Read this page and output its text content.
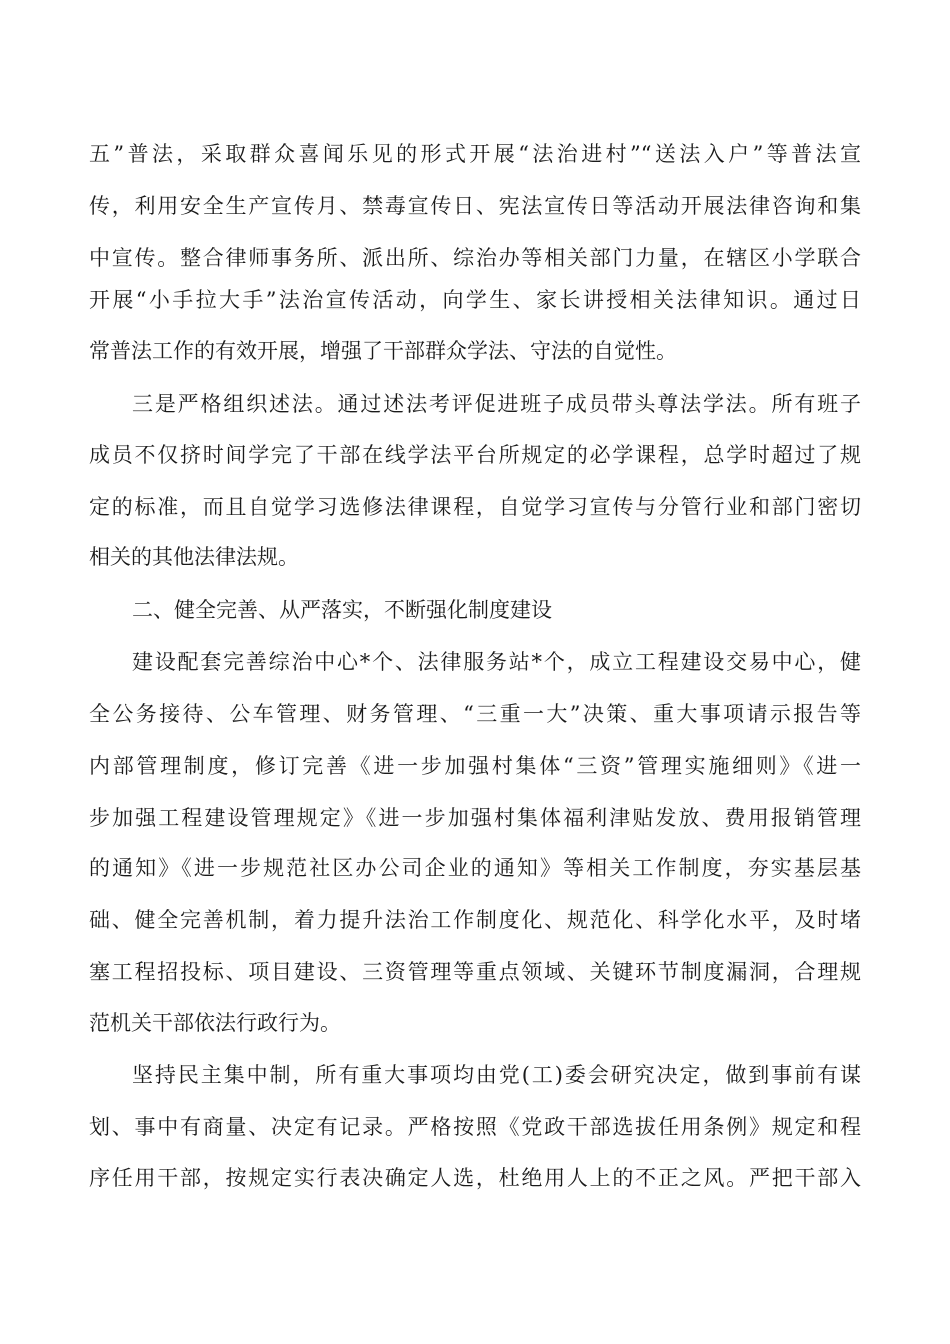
五”普法，采取群众喜闻乐见的形式开展“法治进村”“送法入户”等普法宣
传，利用安全生产宣传月、禁毒宣传日、宪法宣传日等活动开展法律咨询和集
中宣传。整合律师事务所、派出所、综治办等相关部门力量，在辖区小学联合
开展“小手拉大手”法治宣传活动，向学生、家长讲授相关法律知识。通过日
常普法工作的有效开展，增强了干部群众学法、守法的自觉性。
三是严格组织述法。通过述法考评促进班子成员带头尊法学法。所有班子
成员不仅挤时间学完了干部在线学法平台所规定的必学课程，总学时超过了规
定的标准，而且自觉学习选修法律课程，自觉学习宣传与分管行业和部门密切
相关的其他法律法规。
二、健全完善、从严落实，不断强化制度建设
建设配套完善综治中心*个、法律服务站*个，成立工程建设交易中心，健
全公务接待、公车管理、财务管理、“三重一大”决策、重大事项请示报告等
内部管理制度，修订完善《进一步加强村集体“三资”管理实施细则》《进一
步加强工程建设管理规定》《进一步加强村集体福利津贴发放、费用报销管理
的通知》《进一步规范社区办公司企业的通知》等相关工作制度，夯实基层基
础、健全完善机制，着力提升法治工作制度化、规范化、科学化水平，及时堵
塞工程招投标、项目建设、三资管理等重点领域、关键环节制度漏洞，合理规
范机关干部依法行政行为。
坚持民主集中制，所有重大事项均由党(工)委会研究决定，做到事前有谋
划、事中有商量、决定有记录。严格按照《党政干部选拔任用条例》规定和程
序任用干部，按规定实行表决确定人选，杜绝用人上的不正之风。严把干部入
